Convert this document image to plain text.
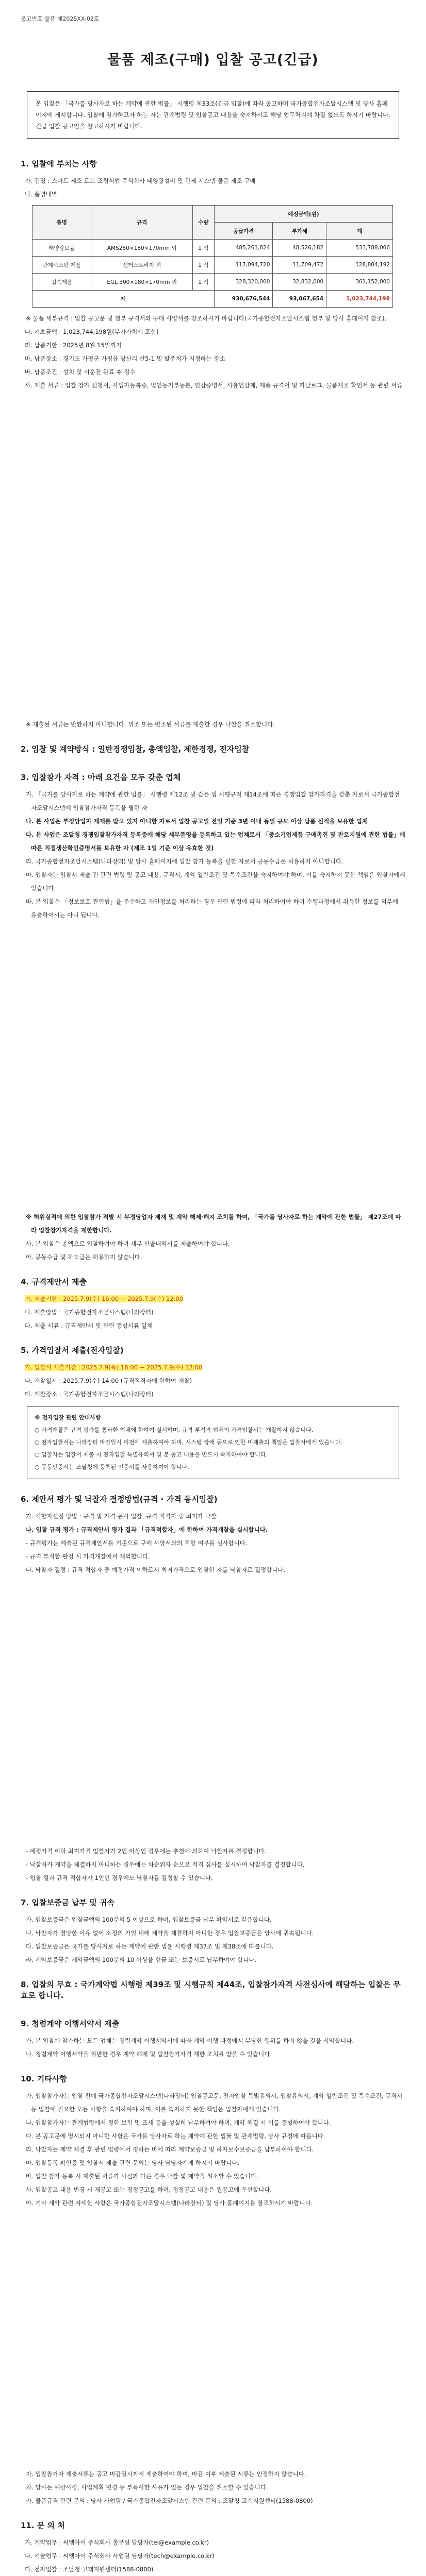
공고번호 물품 제2025XX-02호
물품 제조(구매) 입찰 공고(긴급)
본 입찰은 「국가를 당사자로 하는 계약에 관한 법률」 시행령 제33조(긴급 입찰)에 따라 공고하며 국가종합전자조달시스템 및 당사 홈페이지에 게시합니다. 입찰에 참가하고자 하는 자는 관계법령 및 입찰공고 내용을 숙지하시고 해당 업무처리에 차질 없도록 하시기 바랍니다. 긴급 입찰 공고임을 참고하시기 바랍니다.
1. 입찰에 부치는 사항

가. 건명 : 스마트 제조 로드 조립식업 주식회사 태양광설비 및 관제 시스템 물품 제조 구매

나. 품명내역

품명	규격	수량	예정금액(원)		
			공급가격	부가세	계
태양광모듈	AMS250×180×170mm 외	1 식	485,261,824	48,526,182	533,788,006
관제시스템 제품	센터스토리지 외	1 식	117,094,720	11,709,472	128,804,192
접속제품	EGL 300×180×170mm 외	1 식	328,320,000	32,832,000	361,152,000
계			930,676,544	93,067,654	1,023,744,198

※ 물품 세부규격 : 입찰 공고문 및 첨부 규격서와 구매 사양서를 참조하시기 바랍니다(국가종합전자조달시스템 첨부 및 당사 홈페이지 참조).

다. 기초금액 : 1,023,744,198원(부가가치세 포함)

라. 납품기한 : 2025년 8월 15일까지

마. 납품장소 : 경기도 가평군 가평읍 당산리 산5-1 및 발주처가 지정하는 장소

바. 납품조건 : 설치 및 시운전 완료 후 검수

사. 제출 서류 : 입찰 참가 신청서, 사업자등록증, 법인등기부등본, 인감증명서, 사용인감계, 제품 규격서 및 카탈로그, 물품제조 확인서 등 관련 서류

※ 제출된 서류는 반환하지 아니합니다. 위조 또는 변조된 서류를 제출한 경우 낙찰을 취소합니다.

2. 입찰 및 계약방식 : 일반경쟁입찰, 총액입찰, 제한경쟁, 전자입찰
3. 입찰참가 자격 : 아래 요건을 모두 갖춘 업체

가. 「국가를 당사자로 하는 계약에 관한 법률」 시행령 제12조 및 같은 법 시행규칙 제14조에 따른 경쟁입찰 참가자격을 갖춘 자로서 국가종합전자조달시스템에 입찰참가자격 등록을 필한 자

나. 본 사업은 부정당업자 제재를 받고 있지 아니한 자로서 입찰 공고일 전일 기준 3년 이내 동일 규모 이상 납품 실적을 보유한 업체

다. 본 사업은 조달청 경쟁입찰참가자격 등록증에 해당 세부품명을 등록하고 있는 업체로서 「중소기업제품 구매촉진 및 판로지원에 관한 법률」에 따른 직접생산확인증명서를 보유한 자 (제조 1일 기준 이상 유효한 것)

라. 국가종합전자조달시스템(나라장터) 및 당사 홈페이지에 입찰 참가 등록을 필한 자로서 공동수급은 허용하지 아니합니다.

마. 입찰자는 입찰서 제출 전 관련 법령 및 공고 내용, 규격서, 계약 일반조건 및 특수조건을 숙지하여야 하며, 이를 숙지하지 못한 책임은 입찰자에게 있습니다.

바. 본 입찰은 「정보보호 관련법」을 준수하고 개인정보를 처리하는 경우 관련 법령에 따라 처리하여야 하며 수행과정에서 취득한 정보를 외부에 유출하여서는 아니 됩니다.

※ 허위실적에 의한 입찰참가 적발 시 부정당업자 제재 및 계약 해제·해지 조치를 하며, 「국가를 당사자로 하는 계약에 관한 법률」 제27조에 따라 입찰참가자격을 제한합니다.

사. 본 입찰은 총액으로 입찰하여야 하며 세부 산출내역서를 제출하여야 합니다.

아. 공동수급 및 하도급은 허용하지 않습니다.

4. 규격제안서 제출

가. 제출기한 : 2025.7.9(수) 16:00 ~ 2025.7.9(수) 12:00

나. 제출방법 : 국가종합전자조달시스템(나라장터)

다. 제출 서류 : 규격제안서 및 관련 증빙서류 일체

5. 가격입찰서 제출(전자입찰)

가. 입찰서 제출기간 : 2025.7.9(목) 16:00 ~ 2025.7.9(수) 12:00

나. 개찰일시 : 2025.7.9(수) 14:00 (규격적격자에 한하여 개찰)

다. 개찰장소 : 국가종합전자조달시스템(나라장터)

※ 전자입찰 관련 안내사항
○ 가격개찰은 규격 평가를 통과한 업체에 한하여 실시하며, 규격 부적격 업체의 가격입찰서는 개찰하지 않습니다.
○ 전자입찰서는 나라장터 마감일시 이전에 제출하여야 하며, 시스템 장애 등으로 인한 미제출의 책임은 입찰자에게 있습니다.
○ 입찰자는 입찰서 제출 시 전자입찰 특별유의서 및 본 공고 내용을 반드시 숙지하여야 합니다.
○ 공동인증서는 조달청에 등록된 인증서를 사용하여야 합니다.
6. 제안서 평가 및 낙찰자 결정방법(규격 · 가격 동시입찰)

가. 적합자선정 방법 : 규격 및 가격 동시 입찰, 규격 적격자 중 최저가 낙찰

나. 입찰 규격 평가 : 규격제안서 평가 결과 「규격적합자」에 한하여 가격개찰을 실시합니다.

- 규격평가는 제출된 규격제안서를 기준으로 구매 사양서와의 적합 여부를 심사합니다.

- 규격 부적합 판정 시 가격개찰에서 제외합니다.

다. 낙찰자 결정 : 규격 적합자 중 예정가격 이하로서 최저가격으로 입찰한 자를 낙찰자로 결정합니다.

- 예정가격 이하 최저가격 입찰자가 2인 이상인 경우에는 추첨에 의하여 낙찰자를 결정합니다.

- 낙찰자가 계약을 체결하지 아니하는 경우에는 차순위자 순으로 적격 심사를 실시하여 낙찰자를 결정합니다.

- 입찰 결과 규격 적합자가 1인인 경우에도 낙찰자를 결정할 수 있습니다.

7. 입찰보증금 납부 및 귀속

가. 입찰보증금은 입찰금액의 100분의 5 이상으로 하며, 입찰보증금 납부 확약서로 갈음합니다.

나. 낙찰자가 정당한 이유 없이 소정의 기일 내에 계약을 체결하지 아니한 경우 입찰보증금은 당사에 귀속됩니다.

다. 입찰보증금은 국가를 당사자로 하는 계약에 관한 법률 시행령 제37조 및 제38조에 따릅니다.

라. 계약보증금은 계약금액의 100분의 10 이상을 현금 또는 보증서로 납부하여야 합니다.

8. 입찰의 무효 : 국가계약법 시행령 제39조 및 시행규칙 제44조, 입찰참가자격 사전심사에 해당하는 입찰은 무효로 합니다.
9. 청렴계약 이행서약서 제출

가. 본 입찰에 참가하는 모든 업체는 청렴계약 이행서약서에 따라 계약 이행 과정에서 부당한 행위를 하지 않을 것을 서약합니다.

나. 청렴계약 이행서약을 위반한 경우 계약 해제 및 입찰참가자격 제한 조치를 받을 수 있습니다.

10. 기타사항

가. 입찰참가자는 입찰 전에 국가종합전자조달시스템(나라장터) 입찰공고문, 전자입찰 특별유의서, 입찰유의서, 계약 일반조건 및 특수조건, 규격서 등 입찰에 필요한 모든 사항을 숙지하여야 하며, 이를 숙지하지 못한 책임은 입찰자에게 있습니다.

나. 입찰참가자는 관계법령에서 정한 보험 및 조세 등을 성실히 납부하여야 하며, 계약 체결 시 이를 증빙하여야 합니다.

다. 본 공고문에 명시되지 아니한 사항은 국가를 당사자로 하는 계약에 관한 법률 및 관계법령, 당사 규정에 따릅니다.

라. 낙찰자는 계약 체결 후 관련 법령에서 정하는 바에 따라 계약보증금 및 하자보수보증금을 납부하여야 합니다.

마. 입찰등록 확인증 및 입찰서 제출 관련 문의는 당사 담당자에게 하시기 바랍니다.

바. 입찰 참가 등록 시 제출된 서류가 사실과 다른 경우 낙찰 및 계약을 취소할 수 있습니다.

사. 입찰공고 내용 변경 시 재공고 또는 정정공고를 하며, 정정공고 내용은 원공고에 우선합니다.

아. 기타 계약 관련 자세한 사항은 국가종합전자조달시스템(나라장터) 및 당사 홈페이지를 참조하시기 바랍니다.

자. 입찰참가자 제출서류는 공고 마감일시까지 제출하여야 하며, 마감 이후 제출된 서류는 인정하지 않습니다.

차. 당사는 예산사정, 사업계획 변경 등 부득이한 사유가 있는 경우 입찰을 취소할 수 있습니다.

카. 물품규격 관련 문의 : 당사 사업팀 / 국가종합전자조달시스템 관련 문의 : 조달청 고객지원센터(1588-0800)

11. 문 의 처

가. 계약업무 : 씨엠아이 주식회사 총무팀 담당자(tel@example.co.kr)

나. 기술업무 : 씨엠아이 주식회사 사업팀 담당자(tech@example.co.kr)

다. 전자입찰 : 조달청 고객지원센터(1588-0800)
